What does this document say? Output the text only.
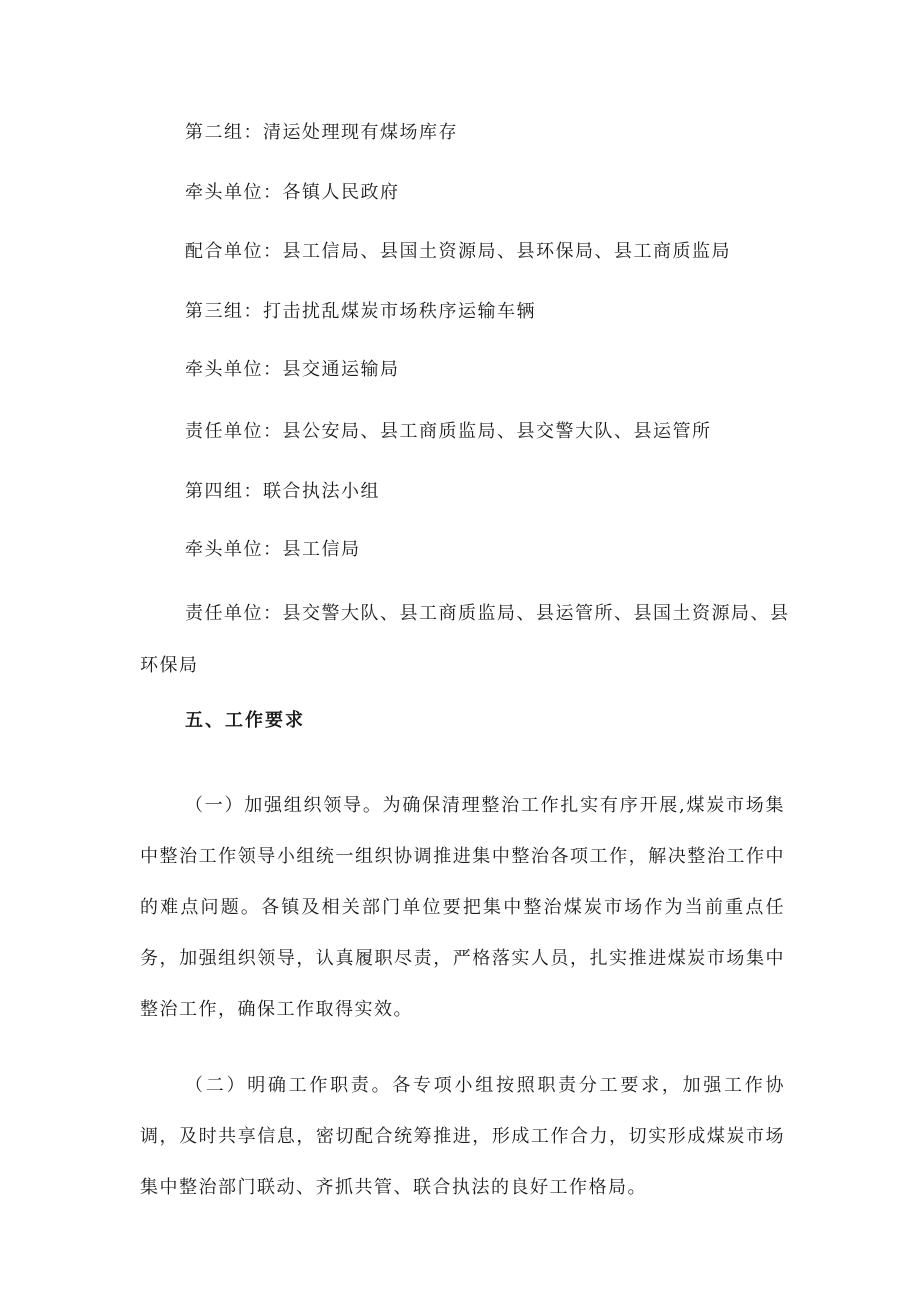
第二组：清运处理现有煤场库存
牵头单位：各镇人民政府
配合单位：县工信局、县国土资源局、县环保局、县工商质监局
第三组：打击扰乱煤炭市场秩序运输车辆
牵头单位：县交通运输局
责任单位：县公安局、县工商质监局、县交警大队、县运管所
第四组：联合执法小组
牵头单位：县工信局
责任单位：县交警大队、县工商质监局、县运管所、县国土资源局、县环保局
五、工作要求
（一）加强组织领导。为确保清理整治工作扎实有序开展,煤炭市场集中整治工作领导小组统一组织协调推进集中整治各项工作，解决整治工作中的难点问题。各镇及相关部门单位要把集中整治煤炭市场作为当前重点任务，加强组织领导，认真履职尽责，严格落实人员，扎实推进煤炭市场集中整治工作，确保工作取得实效。
（二）明确工作职责。各专项小组按照职责分工要求，加强工作协调，及时共享信息，密切配合统筹推进，形成工作合力，切实形成煤炭市场集中整治部门联动、齐抓共管、联合执法的良好工作格局。
